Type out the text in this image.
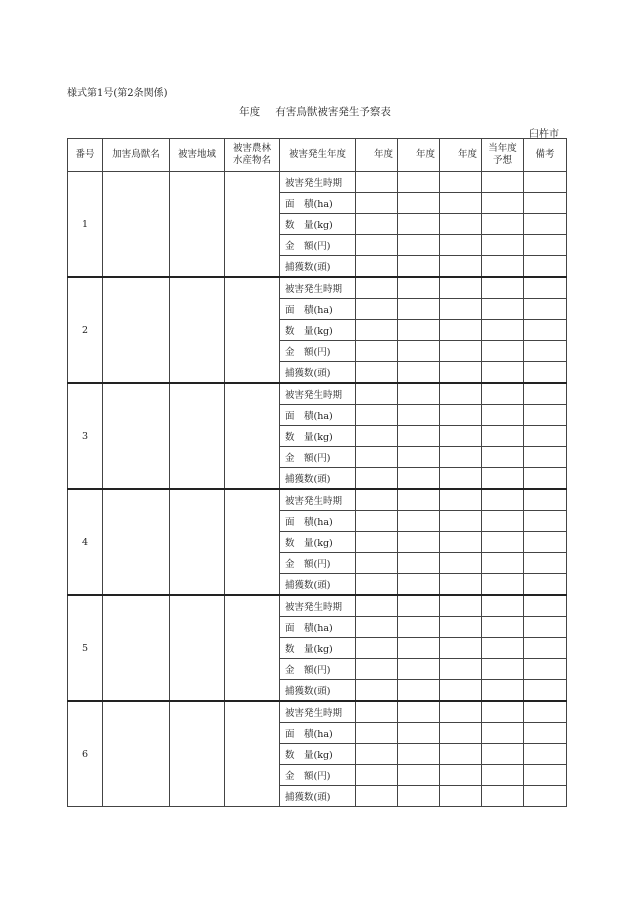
様式第1号(第2条関係)
年度 有害鳥獣被害発生予察表
臼杵市
番号	加害鳥獣名	被害地域	被害農林
水産物名	被害発生年度	年度	年度	年度	当年度
予想	備考
1				被害発生時期					
				面　積(ha)					
				数　量(kg)					
				金　額(円)					
				捕獲数(頭)					
2				被害発生時期					
				面　積(ha)					
				数　量(kg)					
				金　額(円)					
				捕獲数(頭)					
3				被害発生時期					
				面　積(ha)					
				数　量(kg)					
				金　額(円)					
				捕獲数(頭)					
4				被害発生時期					
				面　積(ha)					
				数　量(kg)					
				金　額(円)					
				捕獲数(頭)					
5				被害発生時期					
				面　積(ha)					
				数　量(kg)					
				金　額(円)					
				捕獲数(頭)					
6				被害発生時期					
				面　積(ha)					
				数　量(kg)					
				金　額(円)					
				捕獲数(頭)					
